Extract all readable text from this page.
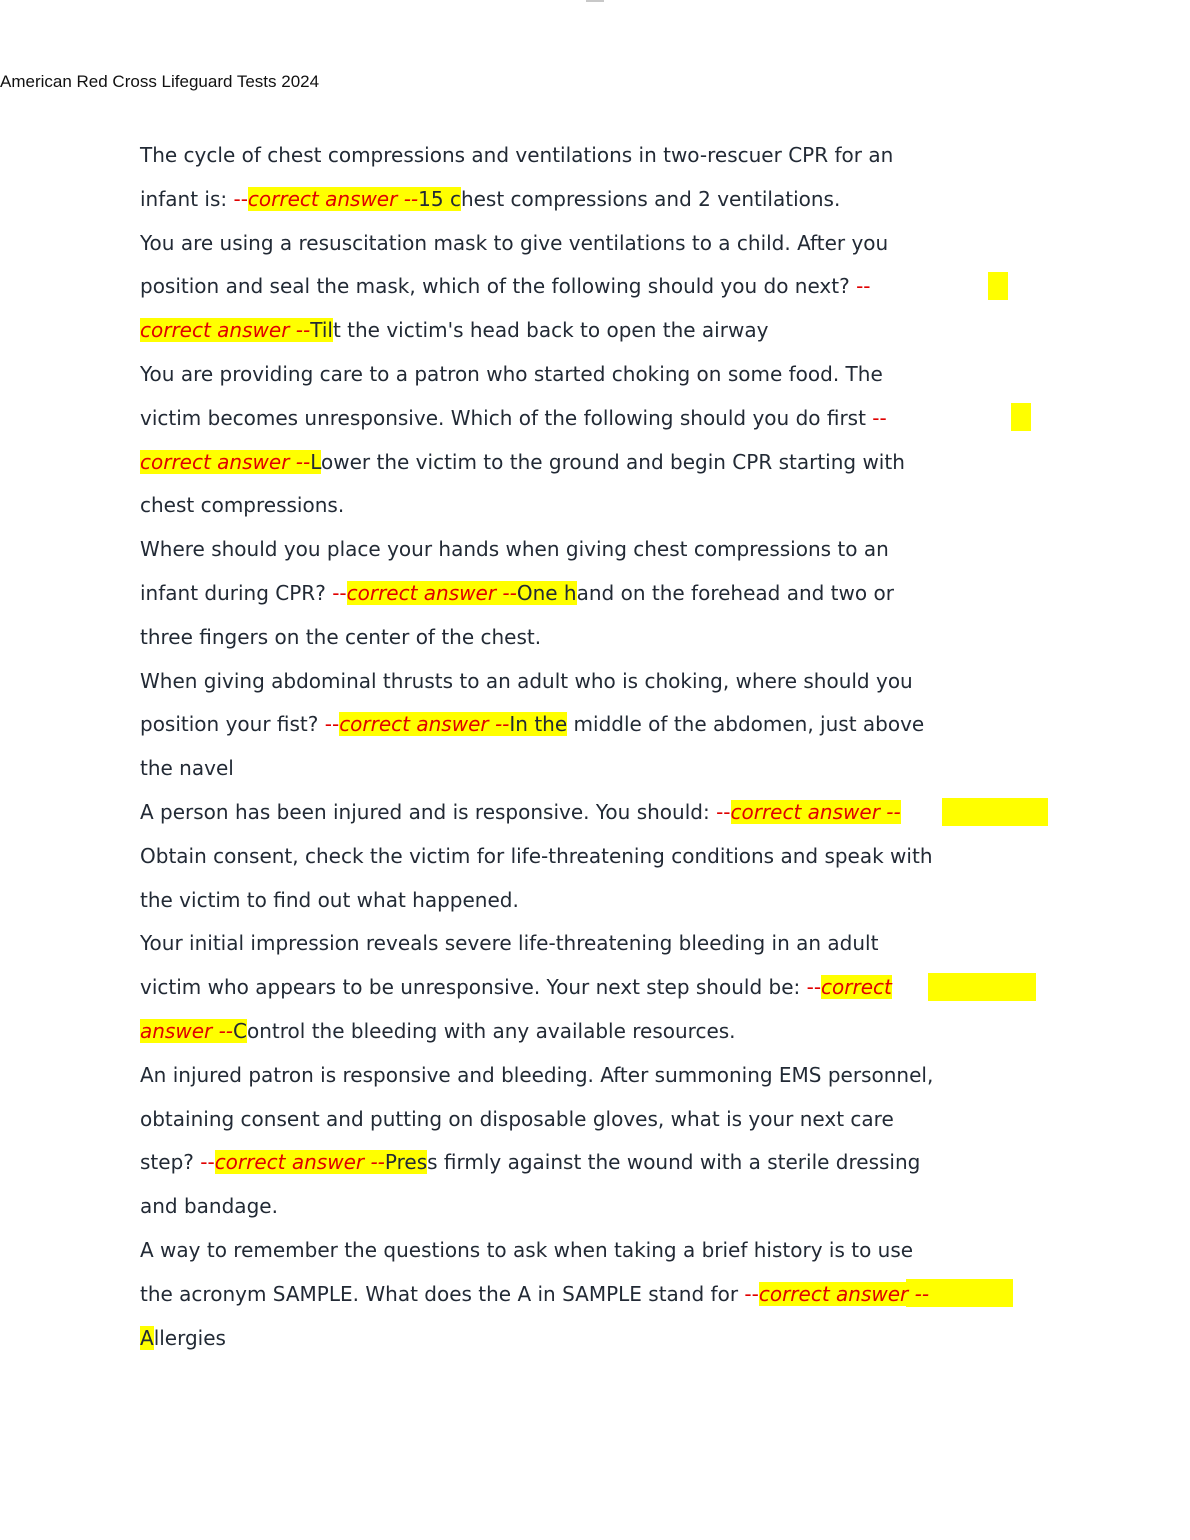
American Red Cross Lifeguard Tests 2024

The cycle of chest compressions and ventilations in two-rescuer CPR for an infant is: --correct answer --15 chest compressions and 2 ventilations.

You are using a resuscitation mask to give ventilations to a child. After you position and seal the mask, which of the following should you do next? --correct answer --Tilt the victim's head back to open the airway

You are providing care to a patron who started choking on some food. The victim becomes unresponsive. Which of the following should you do first --correct answer --Lower the victim to the ground and begin CPR starting with chest compressions.

Where should you place your hands when giving chest compressions to an infant during CPR? --correct answer --One hand on the forehead and two or three fingers on the center of the chest.

When giving abdominal thrusts to an adult who is choking, where should you position your fist? --correct answer --In the middle of the abdomen, just above the navel

A person has been injured and is responsive. You should: --correct answer --Obtain consent, check the victim for life-threatening conditions and speak with the victim to find out what happened.

Your initial impression reveals severe life-threatening bleeding in an adult victim who appears to be unresponsive. Your next step should be: --correct answer --Control the bleeding with any available resources.

An injured patron is responsive and bleeding. After summoning EMS personnel, obtaining consent and putting on disposable gloves, what is your next care step? --correct answer --Press firmly against the wound with a sterile dressing and bandage.

A way to remember the questions to ask when taking a brief history is to use the acronym SAMPLE. What does the A in SAMPLE stand for --correct answer --Allergies
